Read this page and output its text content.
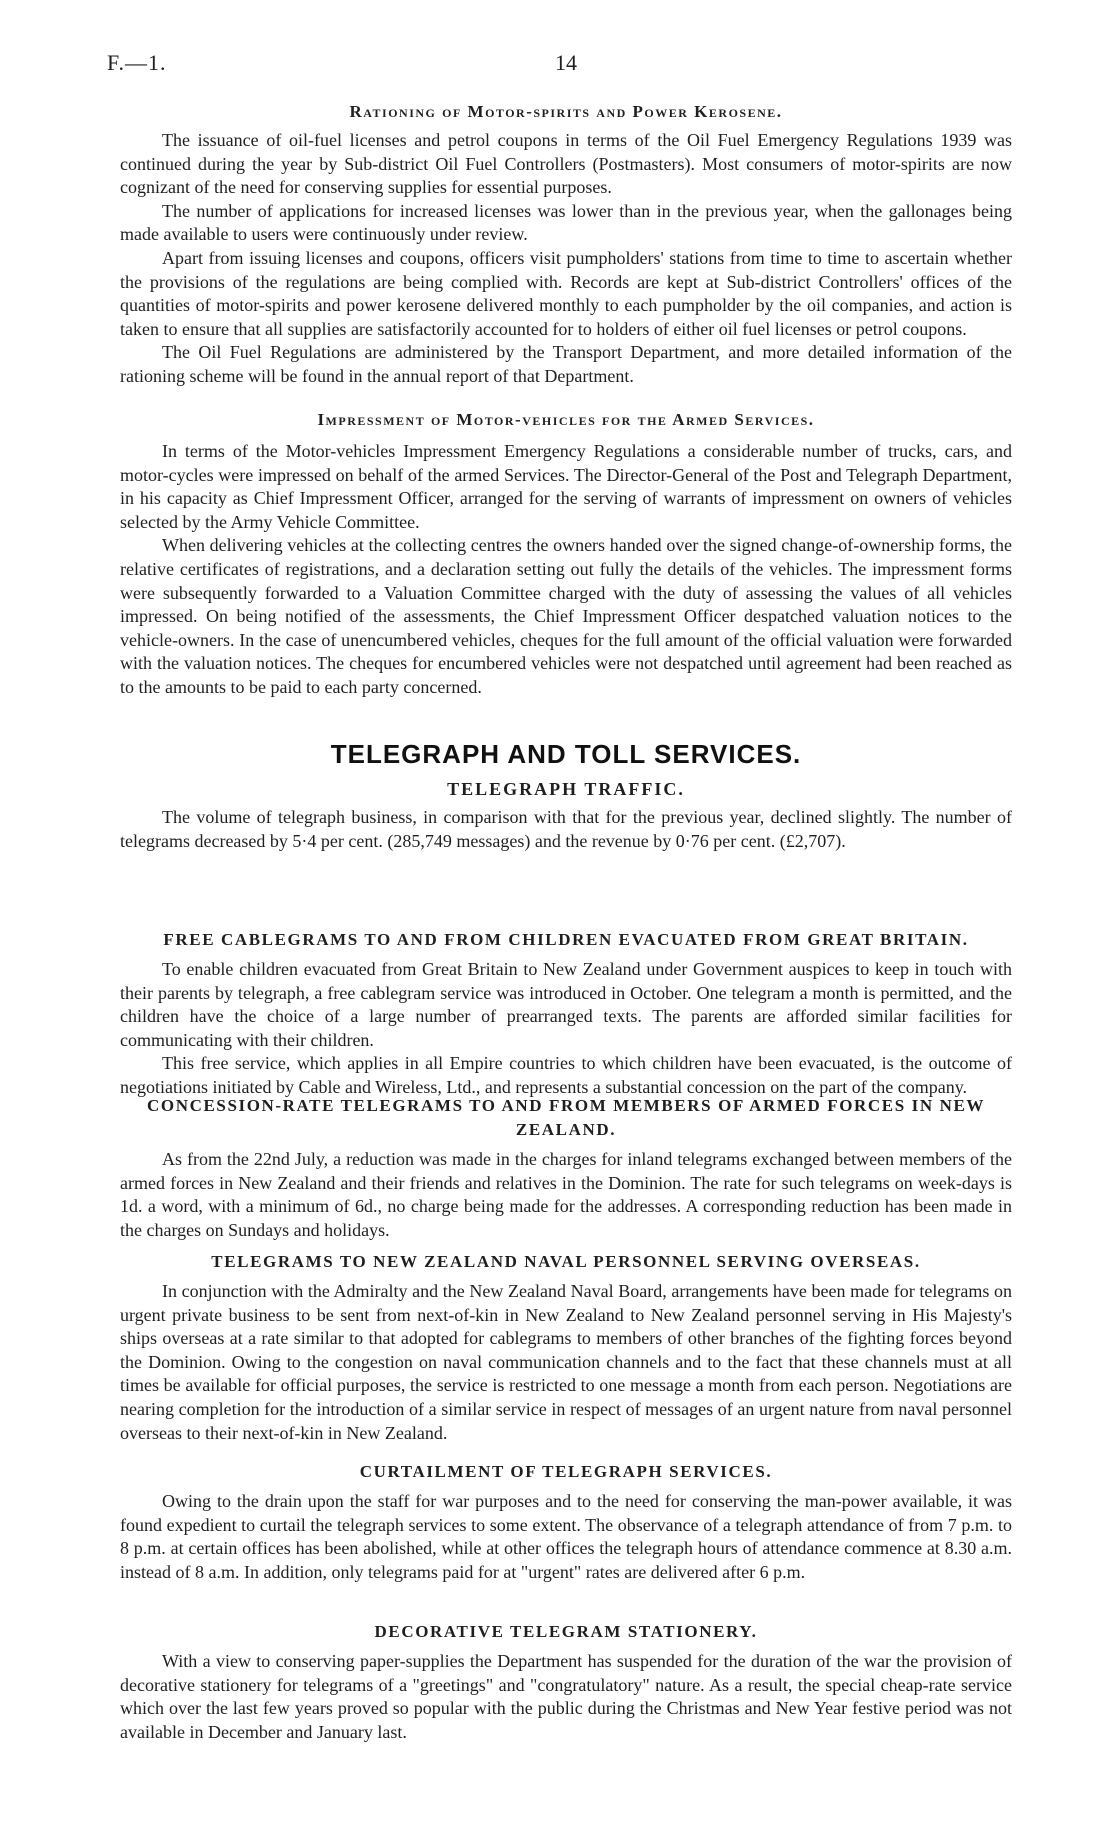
F.—1.	14
Rationing of Motor-spirits and Power Kerosene.

The issuance of oil-fuel licenses and petrol coupons in terms of the Oil Fuel Emergency Regulations 1939 was continued during the year by Sub-district Oil Fuel Controllers (Postmasters). Most consumers of motor-spirits are now cognizant of the need for conserving supplies for essential purposes.

The number of applications for increased licenses was lower than in the previous year, when the gallonages being made available to users were continuously under review.

Apart from issuing licenses and coupons, officers visit pumpholders' stations from time to time to ascertain whether the provisions of the regulations are being complied with. Records are kept at Sub-district Controllers' offices of the quantities of motor-spirits and power kerosene delivered monthly to each pumpholder by the oil companies, and action is taken to ensure that all supplies are satisfactorily accounted for to holders of either oil fuel licenses or petrol coupons.

The Oil Fuel Regulations are administered by the Transport Department, and more detailed information of the rationing scheme will be found in the annual report of that Department.

Impressment of Motor-vehicles for the Armed Services.

In terms of the Motor-vehicles Impressment Emergency Regulations a considerable number of trucks, cars, and motor-cycles were impressed on behalf of the armed Services. The Director-General of the Post and Telegraph Department, in his capacity as Chief Impressment Officer, arranged for the serving of warrants of impressment on owners of vehicles selected by the Army Vehicle Committee.

When delivering vehicles at the collecting centres the owners handed over the signed change-of-ownership forms, the relative certificates of registrations, and a declaration setting out fully the details of the vehicles. The impressment forms were subsequently forwarded to a Valuation Committee charged with the duty of assessing the values of all vehicles impressed. On being notified of the assessments, the Chief Impressment Officer despatched valuation notices to the vehicle-owners. In the case of unencumbered vehicles, cheques for the full amount of the official valuation were forwarded with the valuation notices. The cheques for encumbered vehicles were not despatched until agreement had been reached as to the amounts to be paid to each party concerned.

TELEGRAPH AND TOLL SERVICES.
TELEGRAPH TRAFFIC.

The volume of telegraph business, in comparison with that for the previous year, declined slightly. The number of telegrams decreased by 5·4 per cent. (285,749 messages) and the revenue by 0·76 per cent. (£2,707).

FREE CABLEGRAMS TO AND FROM CHILDREN EVACUATED FROM GREAT BRITAIN.

To enable children evacuated from Great Britain to New Zealand under Government auspices to keep in touch with their parents by telegraph, a free cablegram service was introduced in October. One telegram a month is permitted, and the children have the choice of a large number of prearranged texts. The parents are afforded similar facilities for communicating with their children.

This free service, which applies in all Empire countries to which children have been evacuated, is the outcome of negotiations initiated by Cable and Wireless, Ltd., and represents a substantial concession on the part of the company.

CONCESSION-RATE TELEGRAMS TO AND FROM MEMBERS OF ARMED FORCES IN NEW ZEALAND.

As from the 22nd July, a reduction was made in the charges for inland telegrams exchanged between members of the armed forces in New Zealand and their friends and relatives in the Dominion. The rate for such telegrams on week-days is 1d. a word, with a minimum of 6d., no charge being made for the addresses. A corresponding reduction has been made in the charges on Sundays and holidays.

TELEGRAMS TO NEW ZEALAND NAVAL PERSONNEL SERVING OVERSEAS.

In conjunction with the Admiralty and the New Zealand Naval Board, arrangements have been made for telegrams on urgent private business to be sent from next-of-kin in New Zealand to New Zealand personnel serving in His Majesty's ships overseas at a rate similar to that adopted for cablegrams to members of other branches of the fighting forces beyond the Dominion. Owing to the congestion on naval communication channels and to the fact that these channels must at all times be available for official purposes, the service is restricted to one message a month from each person. Negotiations are nearing completion for the introduction of a similar service in respect of messages of an urgent nature from naval personnel overseas to their next-of-kin in New Zealand.

CURTAILMENT OF TELEGRAPH SERVICES.

Owing to the drain upon the staff for war purposes and to the need for conserving the man-power available, it was found expedient to curtail the telegraph services to some extent. The observance of a telegraph attendance of from 7 p.m. to 8 p.m. at certain offices has been abolished, while at other offices the telegraph hours of attendance commence at 8.30 a.m. instead of 8 a.m. In addition, only telegrams paid for at "urgent" rates are delivered after 6 p.m.

DECORATIVE TELEGRAM STATIONERY.

With a view to conserving paper-supplies the Department has suspended for the duration of the war the provision of decorative stationery for telegrams of a "greetings" and "congratulatory" nature. As a result, the special cheap-rate service which over the last few years proved so popular with the public during the Christmas and New Year festive period was not available in December and January last.
